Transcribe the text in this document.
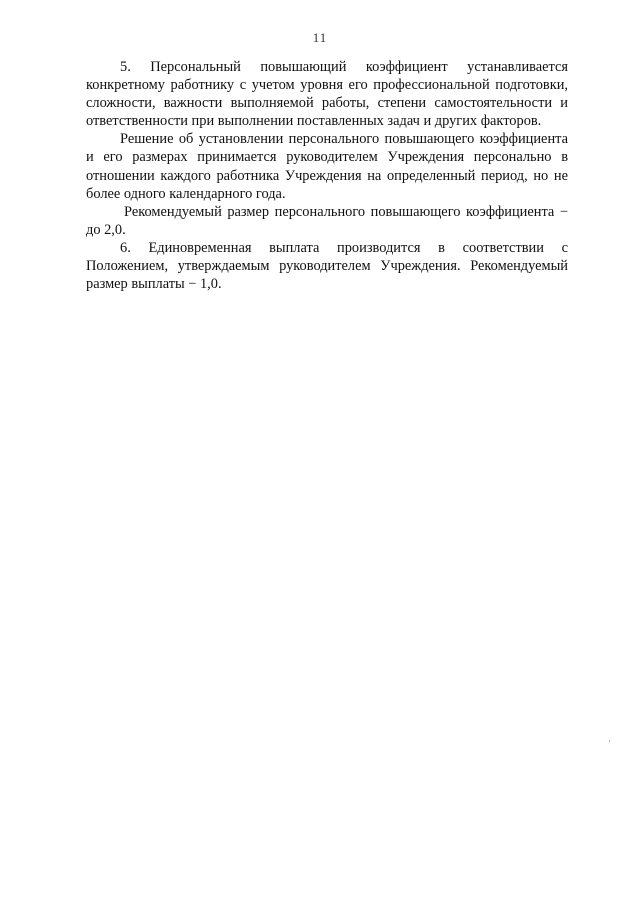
11

5. Персональный повышающий коэффициент устанавливается конкретному работнику с учетом уровня его профессиональной подготовки, сложности, важности выполняемой работы, степени самостоятельности и ответственности при выполнении поставленных задач и других факторов.

Решение об установлении персонального повышающего коэффициента и его размерах принимается руководителем Учреждения персонально в отношении каждого работника Учреждения на определенный период, но не более одного календарного года.

Рекомендуемый размер персонального повышающего коэффициента − до 2,0.

6. Единовременная выплата производится в соответствии с Положением, утверждаемым руководителем Учреждения. Рекомендуемый размер выплаты − 1,0.
